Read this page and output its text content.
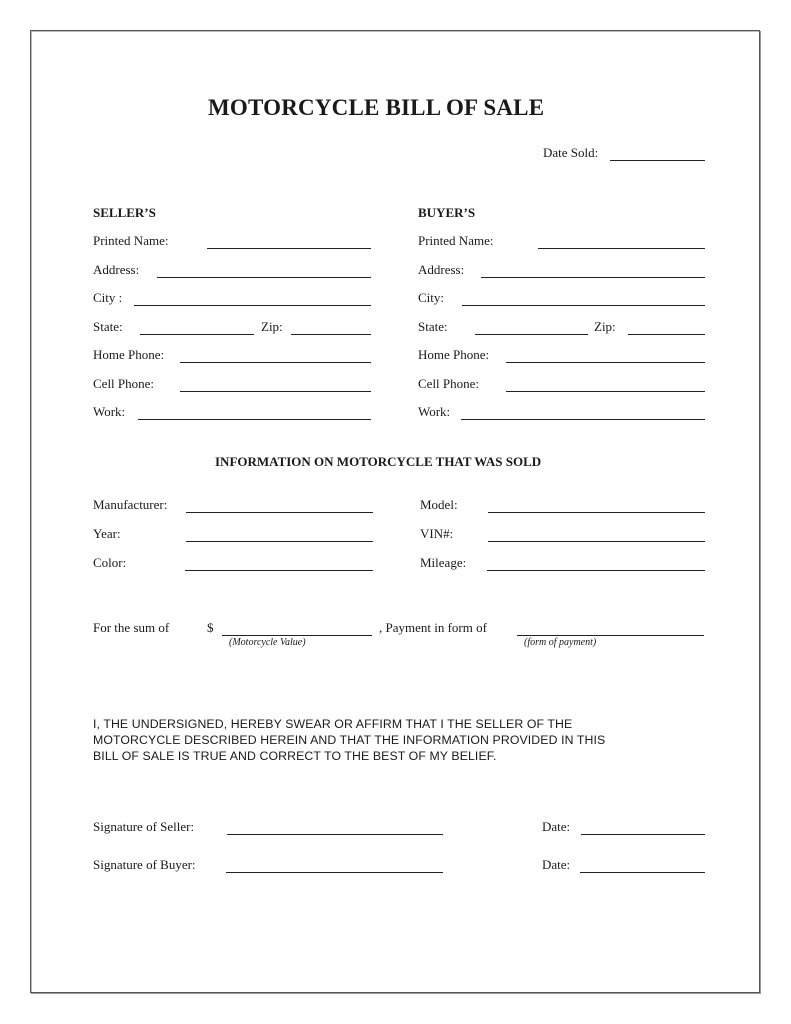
MOTORCYCLE BILL OF SALE
Date Sold:
SELLER’S	BUYER’S
Printed Name:
Address:
City :
State:	Zip:
Home Phone:
Cell Phone:
Work:
Printed Name:
Address:
City:
State:	Zip:
Home Phone:
Cell Phone:
Work:
INFORMATION ON MOTORCYCLE THAT WAS SOLD
Manufacturer:	Model:
Year:	VIN#:
Color:	Mileage:
For the sum of	$
(Motorcycle Value)
, Payment in form of
(form of payment)
I, THE UNDERSIGNED, HEREBY SWEAR OR AFFIRM THAT I THE SELLER OF THE
MOTORCYCLE DESCRIBED HEREIN AND THAT THE INFORMATION PROVIDED IN THIS
BILL OF SALE IS TRUE AND CORRECT TO THE BEST OF MY BELIEF.
Signature of Seller:	Date:
Signature of Buyer:	Date:
